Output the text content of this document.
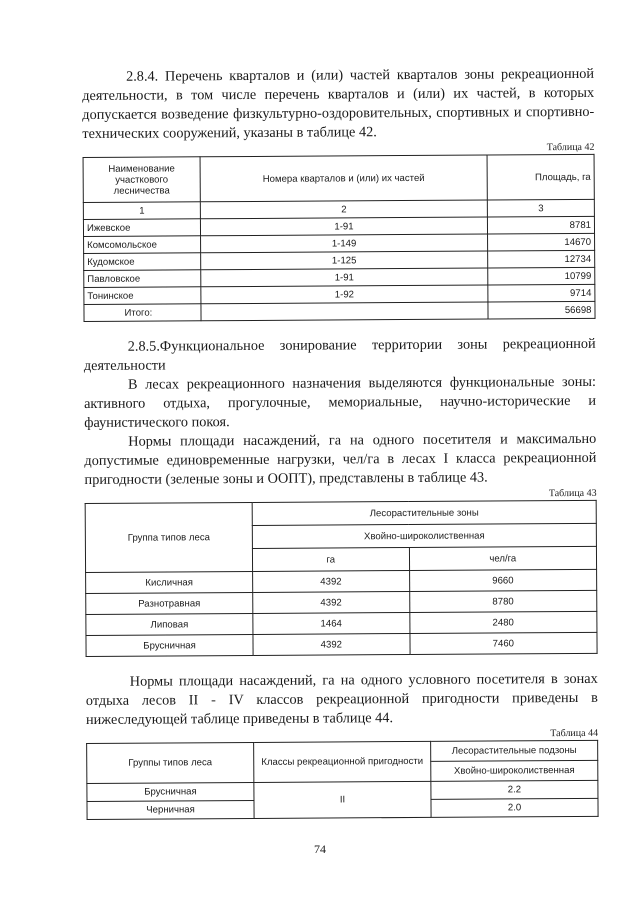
2.8.4. Перечень кварталов и (или) частей кварталов зоны рекреационной деятельности, в том числе перечень кварталов и (или) их частей, в которых допускается возведение физкультурно-оздоровительных, спортивных и спортивно-технических сооружений, указаны в таблице 42.

Таблица 42
Наименование участкового лесничества	Номера кварталов и (или) их частей	Площадь, га
1	2	3
Ижевское	1-91	8781
Комсомольское	1-149	14670
Кудомское	1-125	12734
Павловское	1-91	10799
Тонинское	1-92	9714
Итого:		56698

2.8.5.Функциональное зонирование территории зоны рекреационной деятельности

В лесах рекреационного назначения выделяются функциональные зоны: активного отдыха, прогулочные, мемориальные, научно-исторические и фаунистического покоя.

Нормы площади насаждений, га на одного посетителя и максимально допустимые единовременные нагрузки, чел/га в лесах I класса рекреационной пригодности (зеленые зоны и ООПТ), представлены в таблице 43.

Таблица 43
Группа типов леса	Лесорастительные зоны	
	Хвойно-широколиственная	
	га	чел/га
Кисличная	4392	9660
Разнотравная	4392	8780
Липовая	1464	2480
Брусничная	4392	7460

Нормы площади насаждений, га на одного условного посетителя в зонах отдыха лесов II - IV классов рекреационной пригодности приведены в нижеследующей таблице приведены в таблице 44.

Таблица 44
Группы типов леса	Классы рекреационной пригодности	Лесорастительные подзоны
		Хвойно-широколиственная
Брусничная	II	2.2
Черничная		2.0
74
